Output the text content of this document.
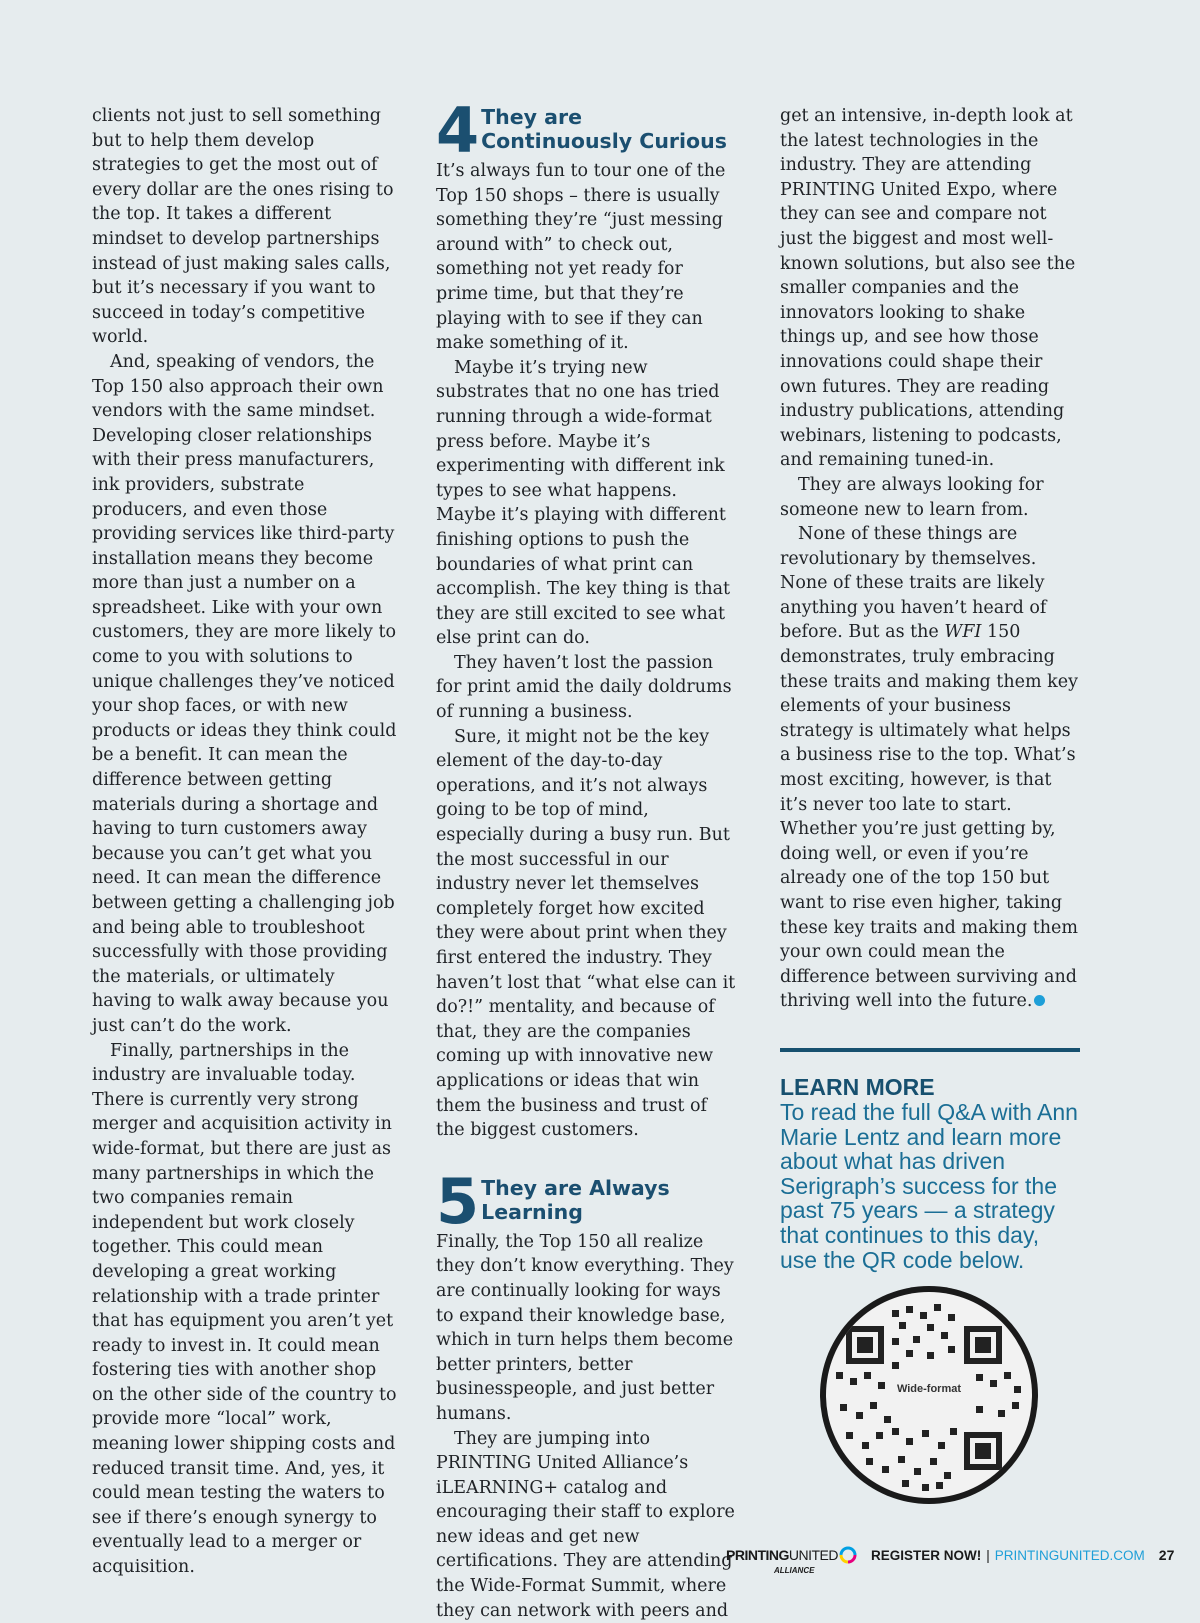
clients not just to sell something but to help them develop strategies to get the most out of every dollar are the ones rising to the top. It takes a different mindset to develop partnerships instead of just making sales calls, but it’s necessary if you want to succeed in today’s competitive world.

And, speaking of vendors, the Top 150 also approach their own vendors with the same mindset. Developing closer relationships with their press manufacturers, ink providers, substrate producers, and even those providing services like third-party installation means they become more than just a number on a spreadsheet. Like with your own customers, they are more likely to come to you with solutions to unique challenges they’ve noticed your shop faces, or with new products or ideas they think could be a benefit. It can mean the difference between getting materials during a shortage and having to turn customers away because you can’t get what you need. It can mean the difference between getting a challenging job and being able to troubleshoot successfully with those providing the materials, or ultimately having to walk away because you just can’t do the work.

Finally, partnerships in the industry are invaluable today. There is currently very strong merger and acquisition activity in wide-format, but there are just as many partnerships in which the two companies remain independent but work closely together. This could mean developing a great working relationship with a trade printer that has equipment you aren’t yet ready to invest in. It could mean fostering ties with another shop on the other side of the country to provide more “local” work, meaning lower shipping costs and reduced transit time. And, yes, it could mean testing the waters to see if there’s enough synergy to eventually lead to a merger or acquisition.

4 They are Continuously Curious

It’s always fun to tour one of the Top 150 shops – there is usually something they’re “just messing around with” to check out, something not yet ready for prime time, but that they’re playing with to see if they can make something of it.

Maybe it’s trying new substrates that no one has tried running through a wide-format press before. Maybe it’s experimenting with different ink types to see what happens. Maybe it’s playing with different finishing options to push the boundaries of what print can accomplish. The key thing is that they are still excited to see what else print can do.

They haven’t lost the passion for print amid the daily doldrums of running a business.

Sure, it might not be the key element of the day-to-day operations, and it’s not always going to be top of mind, especially during a busy run. But the most successful in our industry never let themselves completely forget how excited they were about print when they first entered the industry. They haven’t lost that “what else can it do?!” mentality, and because of that, they are the companies coming up with innovative new applications or ideas that win them the business and trust of the biggest customers.

5 They are Always Learning

Finally, the Top 150 all realize they don’t know everything. They are continually looking for ways to expand their knowledge base, which in turn helps them become better printers, better businesspeople, and just better humans.

They are jumping into PRINTING United Alliance’s iLEARNING+ catalog and encouraging their staff to explore new ideas and get new certifications. They are attending the Wide-Format Summit, where they can network with peers and

get an intensive, in-depth look at the latest technologies in the industry. They are attending PRINTING United Expo, where they can see and compare not just the biggest and most well-known solutions, but also see the smaller companies and the innovators looking to shake things up, and see how those innovations could shape their own futures. They are reading industry publications, attending webinars, listening to podcasts, and remaining tuned-in.

They are always looking for someone new to learn from.

None of these things are revolutionary by themselves. None of these traits are likely anything you haven’t heard of before. But as the WFI 150 demonstrates, truly embracing these traits and making them key elements of your business strategy is ultimately what helps a business rise to the top. What’s most exciting, however, is that it’s never too late to start. Whether you’re just getting by, doing well, or even if you’re already one of the top 150 but want to rise even higher, taking these key traits and making them your own could mean the difference between surviving and thriving well into the future.

LEARN MORE
To read the full Q&A with Ann Marie Lentz and learn more about what has driven Serigraph’s success for the past 75 years — a strategy that continues to this day, use the QR code below.
Wide-format
PRINTING UNITED
ALLIANCE
REGISTER NOW! | PRINTINGUNITED.COM 27
